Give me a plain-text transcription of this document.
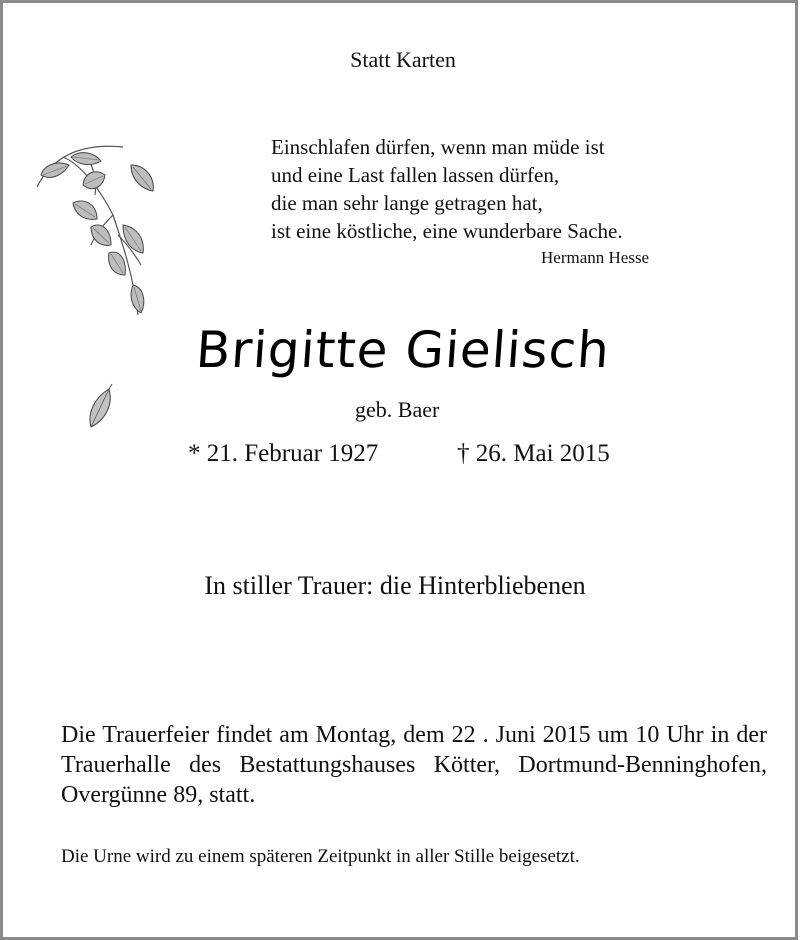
Statt Karten
Einschlafen dürfen, wenn man müde ist
und eine Last fallen lassen dürfen,
die man sehr lange getragen hat,
ist eine köstliche, eine wunderbare Sache.
Hermann Hesse
Brigitte Gielisch
geb. Baer
* 21. Februar 1927	† 26. Mai 2015
In stiller Trauer: die Hinterbliebenen
Die Trauerfeier findet am Montag, dem 22 . Juni 2015 um 10 Uhr in der Trauerhalle des Bestattungshauses Kötter, Dortmund-Benninghofen, Overgünne 89, statt.
Die Urne wird zu einem späteren Zeitpunkt in aller Stille beigesetzt.
